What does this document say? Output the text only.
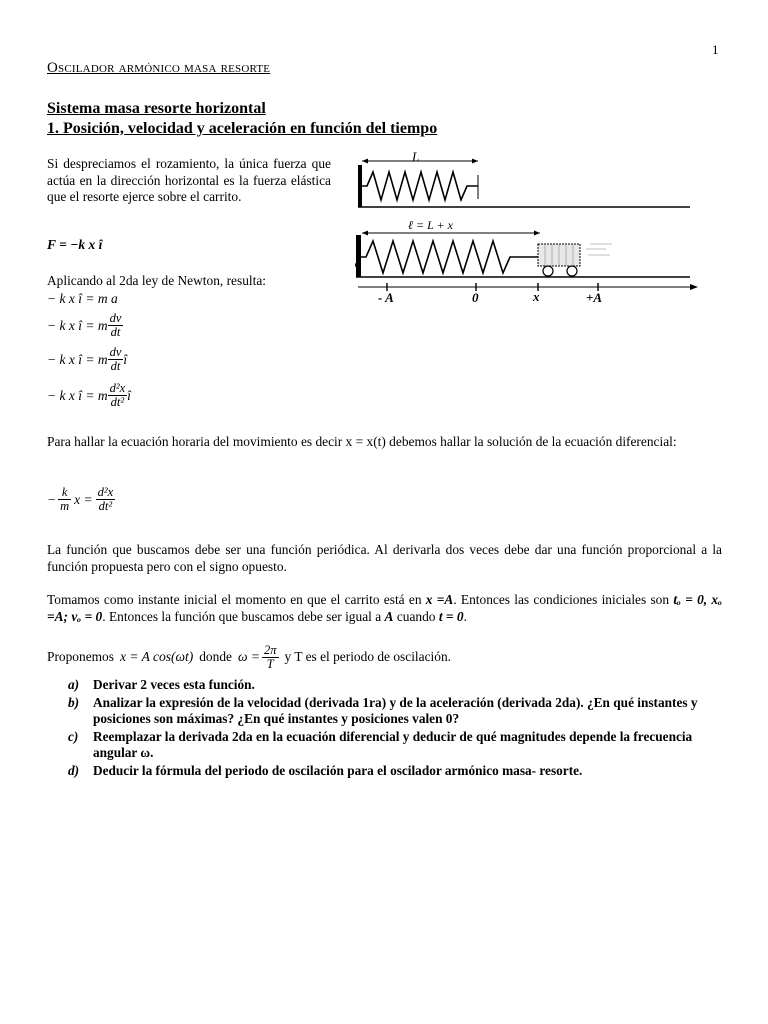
1
Oscilador armónico masa resorte
Sistema masa resorte horizontal
1. Posición, velocidad y aceleración en función del tiempo
Si despreciamos el rozamiento, la única fuerza que actúa en la dirección horizontal es la fuerza elástica que el resorte ejerce sobre el carrito.
F = −k x î
Aplicando al 2da ley de Newton, resulta:
− k x î = m a
− k x î = m $\frac{dv}{dt}$
− k x î = m $\frac{dv}{dt}$ î
− k x î = m $\frac{\text{d²x}}{\text{dt²}}$ î
L
ℓ = L + x
- A	0	x	+A
Para hallar la ecuación horaria del movimiento es decir x = x(t) debemos hallar la solución de la ecuación diferencial:
− $\frac{k}{m}$ $x = \frac{\text{d²x}}{\text{dt²}}$
La función que buscamos debe ser una función periódica. Al derivarla dos veces debe dar una función proporcional a la función propuesta pero con el signo opuesto.
Tomamos como instante inicial el momento en que el carrito está en x =A. Entonces las condiciones iniciales son tₒ = 0, xₒ =A; vₒ = 0. Entonces la función que buscamos debe ser igual a A cuando t = 0.
Proponemos x = A cos(ωt) donde $\omega = \frac{2\pi}{T}$ y T es el periodo de oscilación.
a) Derivar 2 veces esta función.
b) Analizar la expresión de la velocidad (derivada 1ra) y de la aceleración (derivada 2da). ¿En qué instantes y posiciones son máximas? ¿En qué instantes y posiciones valen 0?
c) Reemplazar la derivada 2da en la ecuación diferencial y deducir de qué magnitudes depende la frecuencia angular ω.
d) Deducir la fórmula del periodo de oscilación para el oscilador armónico masa- resorte.
